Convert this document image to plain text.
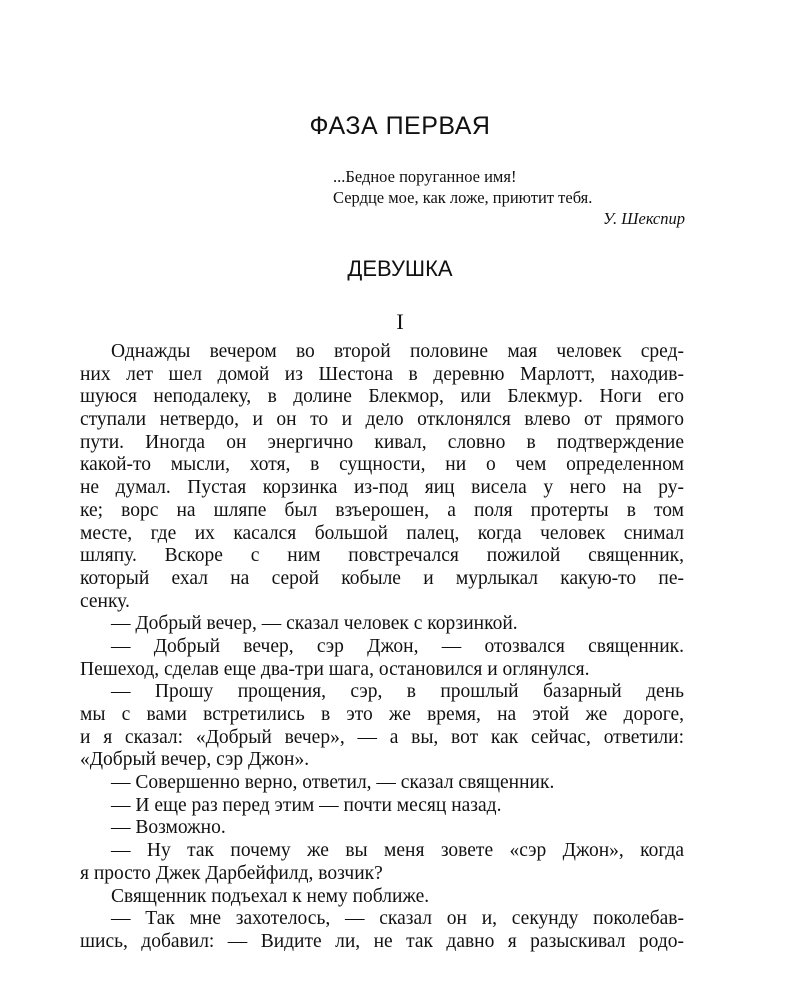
ФАЗА ПЕРВАЯ
...Бедное поруганное имя!
Сердце мое, как ложе, приютит тебя.
У. Шекспир
ДЕВУШКА
I
Однажды вечером во второй половине мая человек сред-
них лет шел домой из Шестона в деревню Марлотт, находив-
шуюся неподалеку, в долине Блекмор, или Блекмур. Ноги его
ступали нетвердо, и он то и дело отклонялся влево от прямого
пути. Иногда он энергично кивал, словно в подтверждение
какой-то мысли, хотя, в сущности, ни о чем определенном
не думал. Пустая корзинка из-под яиц висела у него на ру-
ке; ворс на шляпе был взъерошен, а поля протерты в том
месте, где их касался большой палец, когда человек снимал
шляпу. Вскоре с ним повстречался пожилой священник,
который ехал на серой кобыле и мурлыкал какую-то пе-
сенку.
— Добрый вечер, — сказал человек с корзинкой.
— Добрый вечер, сэр Джон, — отозвался священник.
Пешеход, сделав еще два-три шага, остановился и оглянулся.
— Прошу прощения, сэр, в прошлый базарный день
мы с вами встретились в это же время, на этой же дороге,
и я сказал: «Добрый вечер», — а вы, вот как сейчас, ответили:
«Добрый вечер, сэр Джон».
— Совершенно верно, ответил, — сказал священник.
— И еще раз перед этим — почти месяц назад.
— Возможно.
— Ну так почему же вы меня зовете «сэр Джон», когда
я просто Джек Дарбейфилд, возчик?
Священник подъехал к нему поближе.
— Так мне захотелось, — сказал он и, секунду поколебав-
шись, добавил: — Видите ли, не так давно я разыскивал родо-
